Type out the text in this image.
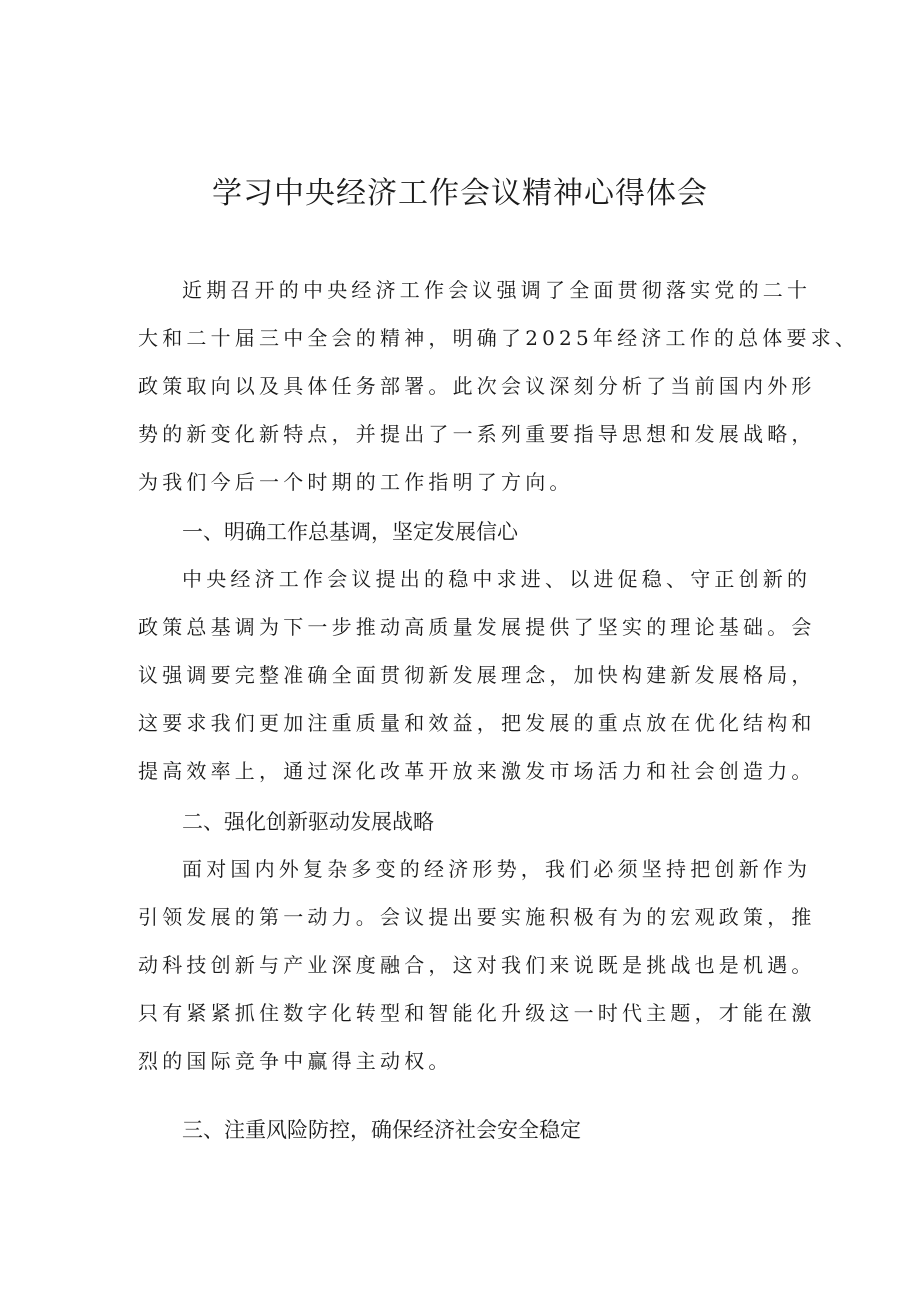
学习中央经济工作会议精神心得体会
近期召开的中央经济工作会议强调了全面贯彻落实党的二十
大和二十届三中全会的精神，明确了2025年经济工作的总体要求、
政策取向以及具体任务部署。此次会议深刻分析了当前国内外形
势的新变化新特点，并提出了一系列重要指导思想和发展战略，
为我们今后一个时期的工作指明了方向。
一、明确工作总基调，坚定发展信心
中央经济工作会议提出的稳中求进、以进促稳、守正创新的
政策总基调为下一步推动高质量发展提供了坚实的理论基础。会
议强调要完整准确全面贯彻新发展理念，加快构建新发展格局，
这要求我们更加注重质量和效益，把发展的重点放在优化结构和
提高效率上，通过深化改革开放来激发市场活力和社会创造力。
二、强化创新驱动发展战略
面对国内外复杂多变的经济形势，我们必须坚持把创新作为
引领发展的第一动力。会议提出要实施积极有为的宏观政策，推
动科技创新与产业深度融合，这对我们来说既是挑战也是机遇。
只有紧紧抓住数字化转型和智能化升级这一时代主题，才能在激
烈的国际竞争中赢得主动权。
三、注重风险防控，确保经济社会安全稳定
